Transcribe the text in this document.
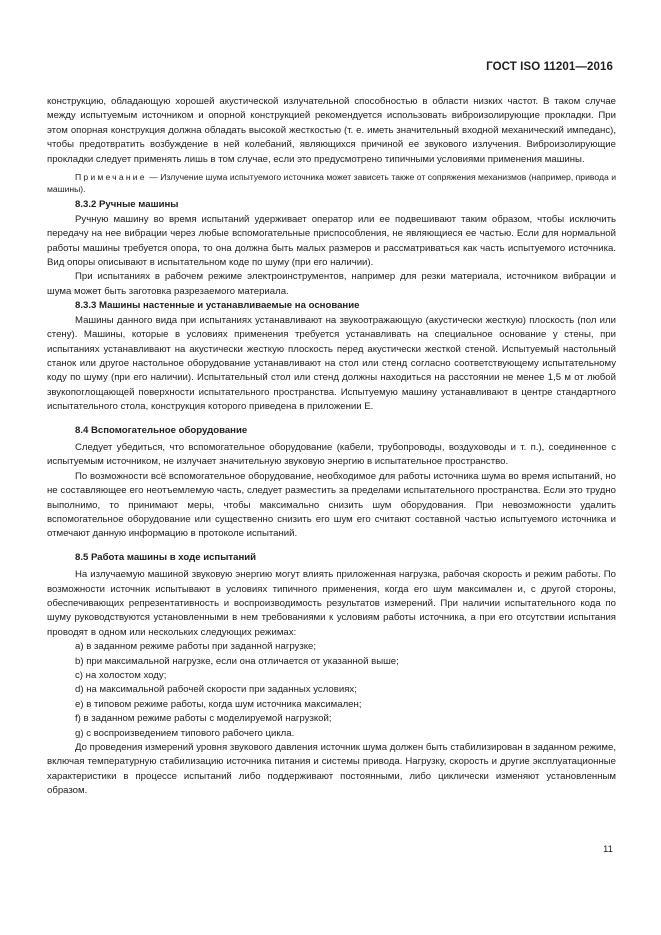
ГОСТ ISO 11201—2016

конструкцию, обладающую хорошей акустической излучательной способностью в области низких частот. В таком случае между испытуемым источником и опорной конструкцией рекомендуется использовать виброизолирующие прокладки. При этом опорная конструкция должна обладать высокой жесткостью (т. е. иметь значительный входной механический импеданс), чтобы предотвратить возбуждение в ней колебаний, являющихся причиной ее звукового излучения. Виброизолирующие прокладки следует применять лишь в том случае, если это предусмотрено типичными условиями применения машины.

Примечание — Излучение шума испытуемого источника может зависеть также от сопряжения механизмов (например, привода и машины).

8.3.2 Ручные машины

Ручную машину во время испытаний удерживает оператор или ее подвешивают таким образом, чтобы исключить передачу на нее вибрации через любые вспомогательные приспособления, не являющиеся ее частью. Если для нормальной работы машины требуется опора, то она должна быть малых размеров и рассматриваться как часть испытуемого источника. Вид опоры описывают в испытательном коде по шуму (при его наличии).

При испытаниях в рабочем режиме электроинструментов, например для резки материала, источником вибрации и шума может быть заготовка разрезаемого материала.

8.3.3 Машины настенные и устанавливаемые на основание

Машины данного вида при испытаниях устанавливают на звукоотражающую (акустически жесткую) плоскость (пол или стену). Машины, которые в условиях применения требуется устанавливать на специальное основание у стены, при испытаниях устанавливают на акустически жесткую плоскость перед акустически жесткой стеной. Испытуемый настольный станок или другое настольное оборудование устанавливают на стол или стенд согласно соответствующему испытательному коду по шуму (при его наличии). Испытательный стол или стенд должны находиться на расстоянии не менее 1,5 м от любой звукопоглощающей поверхности испытательного пространства. Испытуемую машину устанавливают в центре стандартного испытательного стола, конструкция которого приведена в приложении Е.

8.4 Вспомогательное оборудование

Следует убедиться, что вспомогательное оборудование (кабели, трубопроводы, воздуховоды и т. п.), соединенное с испытуемым источником, не излучает значительную звуковую энергию в испытательное пространство.

По возможности всё вспомогательное оборудование, необходимое для работы источника шума во время испытаний, но не составляющее его неотъемлемую часть, следует разместить за пределами испытательного пространства. Если это трудно выполнимо, то принимают меры, чтобы максимально снизить шум оборудования. При невозможности удалить вспомогательное оборудование или существенно снизить его шум его считают составной частью испытуемого источника и отмечают данную информацию в протоколе испытаний.

8.5 Работа машины в ходе испытаний

На излучаемую машиной звуковую энергию могут влиять приложенная нагрузка, рабочая скорость и режим работы. По возможности источник испытывают в условиях типичного применения, когда его шум максимален и, с другой стороны, обеспечивающих репрезентативность и воспроизводимость результатов измерений. При наличии испытательного кода по шуму руководствуются установленными в нем требованиями к условиям работы источника, а при его отсутствии испытания проводят в одном или нескольких следующих режимах:

a) в заданном режиме работы при заданной нагрузке;

b) при максимальной нагрузке, если она отличается от указанной выше;

c) на холостом ходу;

d) на максимальной рабочей скорости при заданных условиях;

e) в типовом режиме работы, когда шум источника максимален;

f) в заданном режиме работы с моделируемой нагрузкой;

g) с воспроизведением типового рабочего цикла.

До проведения измерений уровня звукового давления источник шума должен быть стабилизирован в заданном режиме, включая температурную стабилизацию источника питания и системы привода. Нагрузку, скорость и другие эксплуатационные характеристики в процессе испытаний либо поддерживают постоянными, либо циклически изменяют установленным образом.

11
